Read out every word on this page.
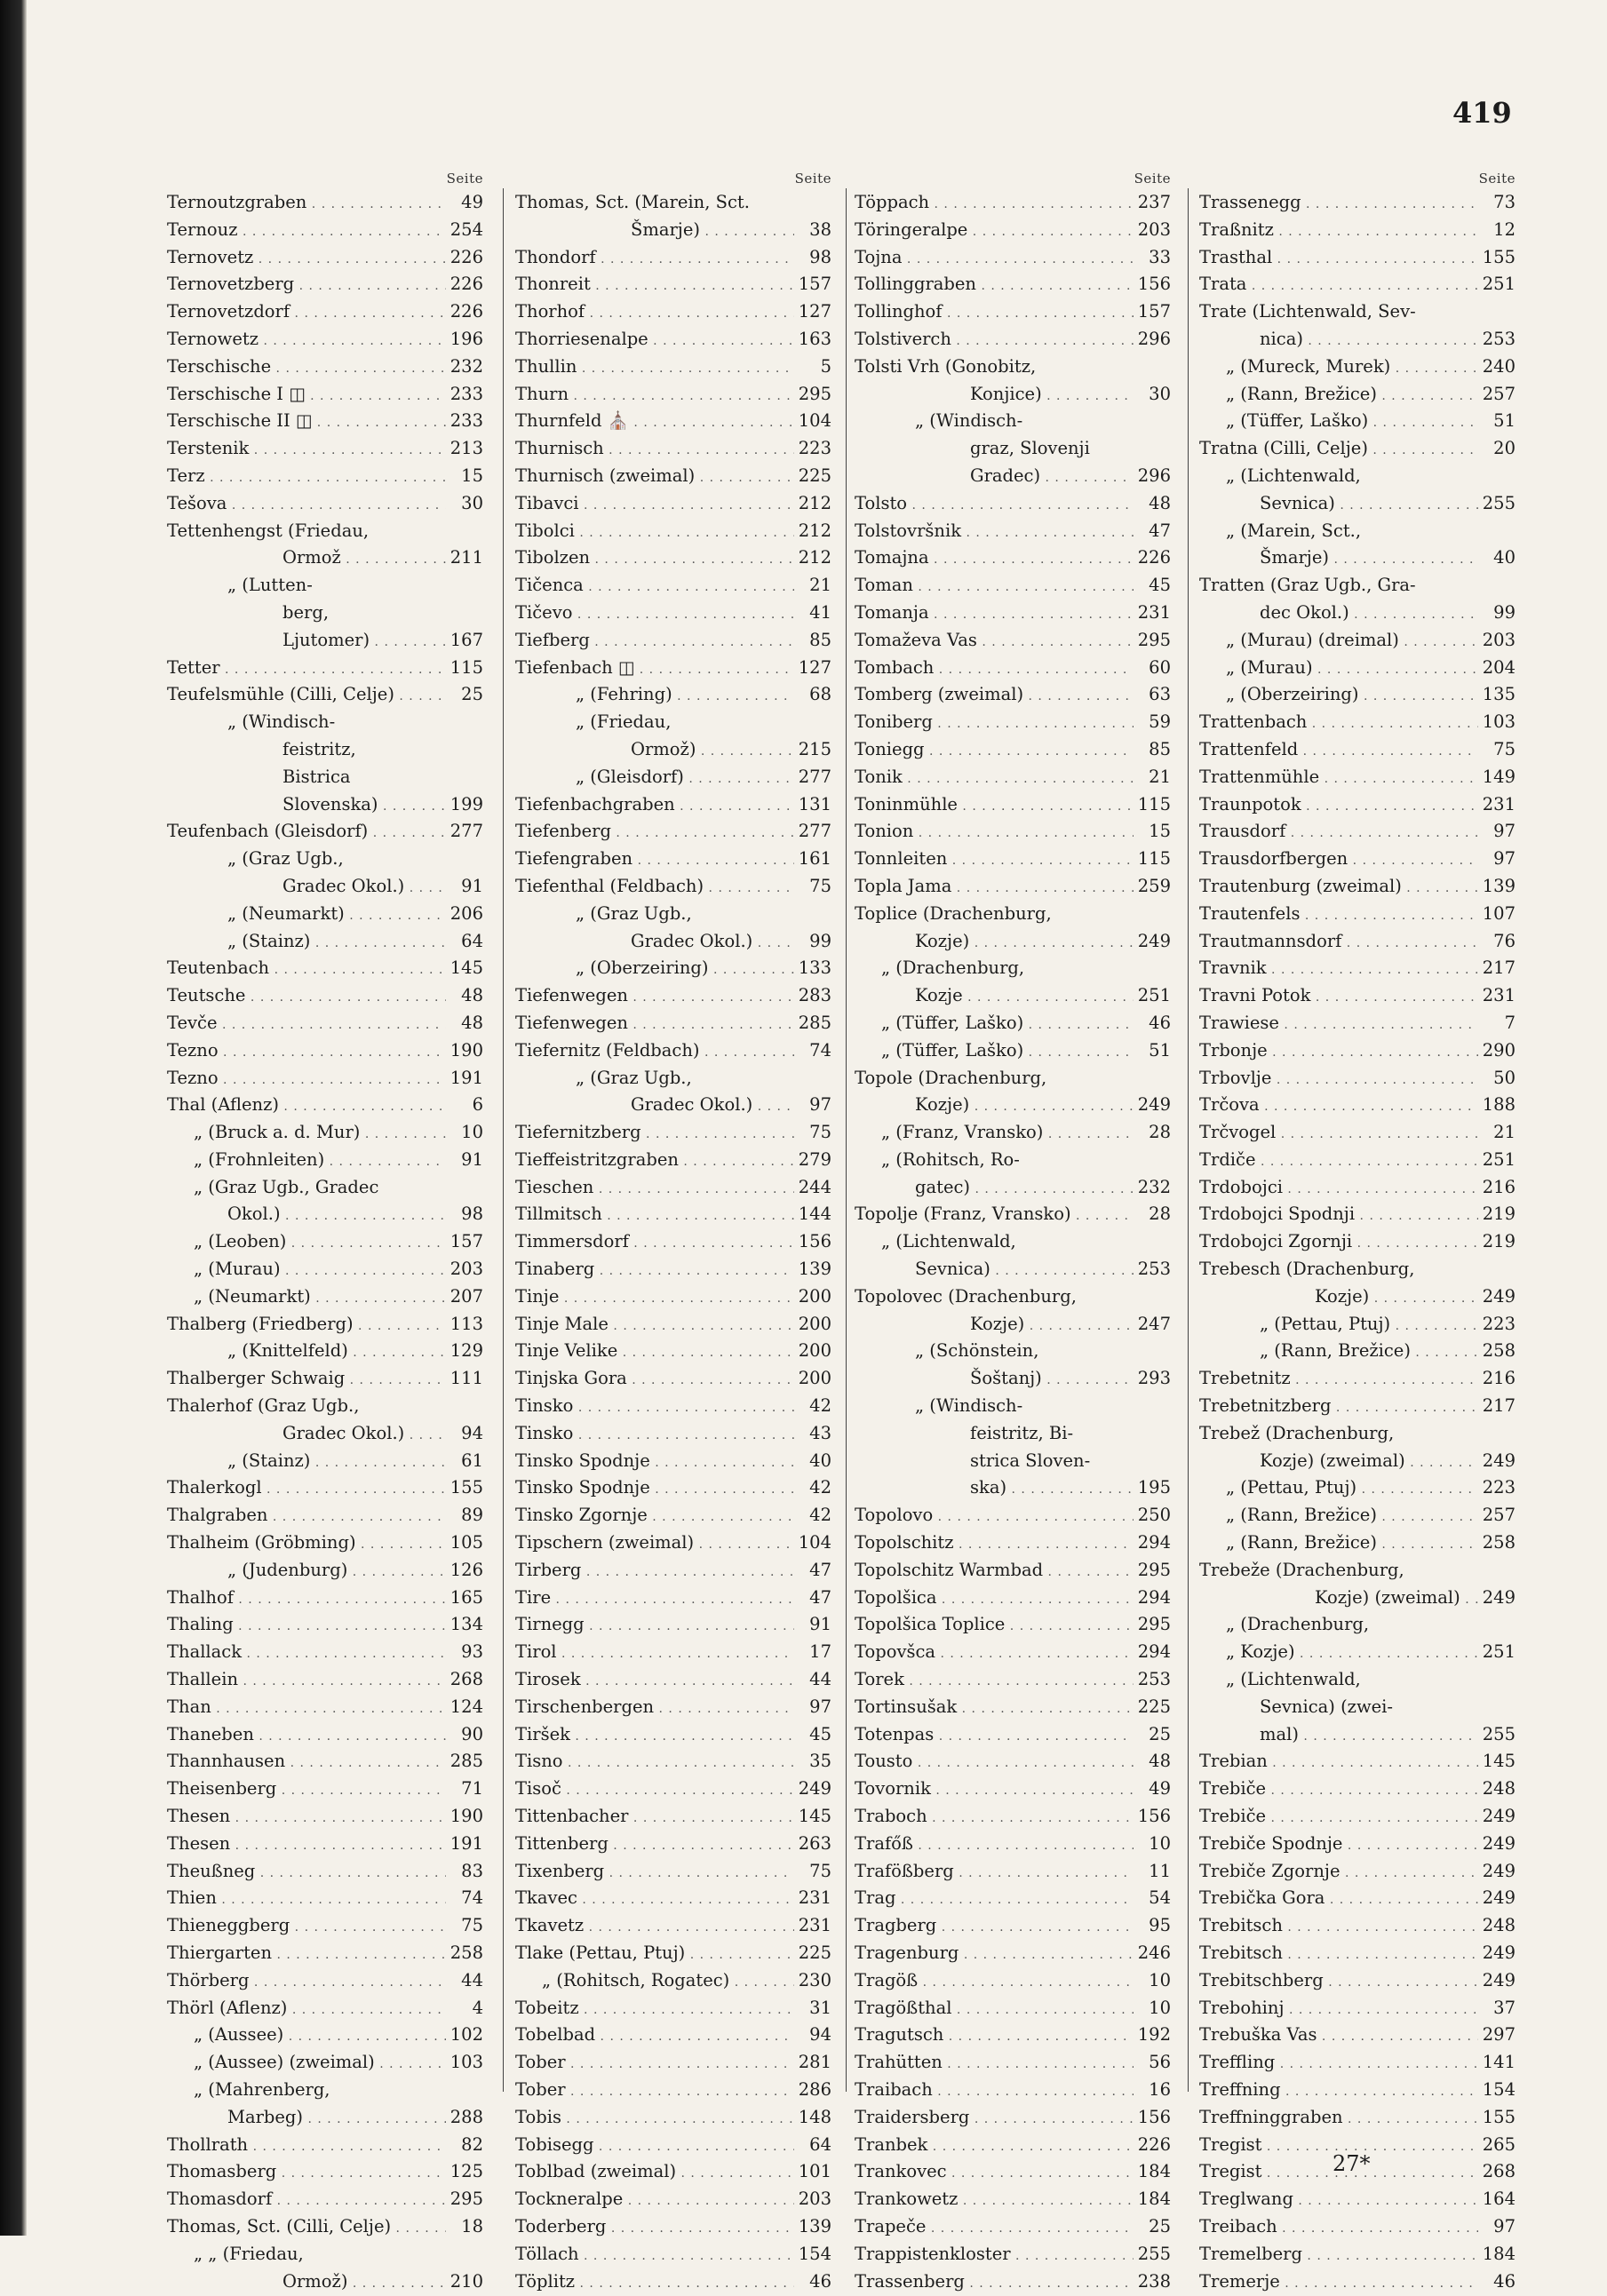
419
Seite
Ternoutzgraben . . .	49
Ternouz . . .	254
Ternovetz . . .	226
Ternovetzberg . . .	226
Ternovetzdorf . . .	226
Ternowetz . . .	196
Terschische . . .	232
Terschische I ◫ . . .	233
Terschische II ◫ . . .	233
Terstenik . . .	213
Terz . . .	15
Tešova . . .	30
Tettenhengst (Friedau,
Ormož . . .	211
„ (Lutten-
berg,
Ljutomer) . . .	167
Tetter . . .	115
Teufelsmühle (Cilli, Celje) . . .	25
„ (Windisch-
feistritz,
Bistrica
Slovenska) . . .	199
Teufenbach (Gleisdorf) . . .	277
„ (Graz Ugb.,
Gradec Okol.) . . .	91
„ (Neumarkt) . . .	206
„ (Stainz) . . .	64
Teutenbach . . .	145
Teutsche . . .	48
Tevče . . .	48
Tezno . . .	190
Tezno . . .	191
Thal (Aflenz) . . .	6
„ (Bruck a. d. Mur) . . .	10
„ (Frohnleiten) . . .	91
„ (Graz Ugb., Gradec
Okol.) . . .	98
„ (Leoben) . . .	157
„ (Murau) . . .	203
„ (Neumarkt) . . .	207
Thalberg (Friedberg) . . .	113
„ (Knittelfeld) . . .	129
Thalberger Schwaig . . .	111
Thalerhof (Graz Ugb.,
Gradec Okol.) . . .	94
„ (Stainz) . . .	61
Thalerkogl . . .	155
Thalgraben . . .	89
Thalheim (Gröbming) . . .	105
„ (Judenburg) . . .	126
Thalhof . . .	165
Thaling . . .	134
Thallack . . .	93
Thallein . . .	268
Than . . .	124
Thaneben . . .	90
Thannhausen . . .	285
Theisenberg . . .	71
Thesen . . .	190
Thesen . . .	191
Theußneg . . .	83
Thien . . .	74
Thieneggberg . . .	75
Thiergarten . . .	258
Thörberg . . .	44
Thörl (Aflenz) . . .	4
„ (Aussee) . . .	102
„ (Aussee) (zweimal) . . .	103
„ (Mahrenberg,
Marbeg) . . .	288
Thollrath . . .	82
Thomasberg . . .	125
Thomasdorf . . .	295
Thomas, Sct. (Cilli, Celje) . . .	18
„ „ (Friedau,
Ormož) . . .	210
Seite
Thomas, Sct. (Marein, Sct.
Šmarje) . . .	38
Thondorf . . .	98
Thonreit . . .	157
Thorhof . . .	127
Thorriesenalpe . . .	163
Thullin . . .	5
Thurn . . .	295
Thurnfeld ⛪ . . .	104
Thurnisch . . .	223
Thurnisch (zweimal) . . .	225
Tibavci . . .	212
Tibolci . . .	212
Tibolzen . . .	212
Tičenca . . .	21
Tičevo . . .	41
Tiefberg . . .	85
Tiefenbach ◫ . . .	127
„ (Fehring) . . .	68
„ (Friedau,
Ormož) . . .	215
„ (Gleisdorf) . . .	277
Tiefenbachgraben . . .	131
Tiefenberg . . .	277
Tiefengraben . . .	161
Tiefenthal (Feldbach) . . .	75
„ (Graz Ugb.,
Gradec Okol.) . . .	99
„ (Oberzeiring) . . .	133
Tiefenwegen . . .	283
Tiefenwegen . . .	285
Tiefernitz (Feldbach) . . .	74
„ (Graz Ugb.,
Gradec Okol.) . . .	97
Tiefernitzberg . . .	75
Tieffeistritzgraben . . .	279
Tieschen . . .	244
Tillmitsch . . .	144
Timmersdorf . . .	156
Tinaberg . . .	139
Tinje . . .	200
Tinje Male . . .	200
Tinje Velike . . .	200
Tinjska Gora . . .	200
Tinsko . . .	42
Tinsko . . .	43
Tinsko Spodnje . . .	40
Tinsko Spodnje . . .	42
Tinsko Zgornje . . .	42
Tipschern (zweimal) . . .	104
Tirberg . . .	47
Tire . . .	47
Tirnegg . . .	91
Tirol . . .	17
Tirosek . . .	44
Tirschenbergen . . .	97
Tiršek . . .	45
Tisno . . .	35
Tisoč . . .	249
Tittenbacher . . .	145
Tittenberg . . .	263
Tixenberg . . .	75
Tkavec . . .	231
Tkavetz . . .	231
Tlake (Pettau, Ptuj) . . .	225
„ (Rohitsch, Rogatec) . . .	230
Tobeitz . . .	31
Tobelbad . . .	94
Tober . . .	281
Tober . . .	286
Tobis . . .	148
Tobisegg . . .	64
Toblbad (zweimal) . . .	101
Tockneralpe . . .	203
Toderberg . . .	139
Töllach . . .	154
Töplitz . . .	46
Seite
Töppach . . .	237
Töringeralpe . . .	203
Tojna . . .	33
Tollinggraben . . .	156
Tollinghof . . .	157
Tolstiverch . . .	296
Tolsti Vrh (Gonobitz,
Konjice) . . .	30
„ (Windisch-
graz, Slovenji
Gradec) . . .	296
Tolsto . . .	48
Tolstovršnik . . .	47
Tomajna . . .	226
Toman . . .	45
Tomanja . . .	231
Tomaževa Vas . . .	295
Tombach . . .	60
Tomberg (zweimal) . . .	63
Toniberg . . .	59
Toniegg . . .	85
Tonik . . .	21
Toninmühle . . .	115
Tonion . . .	15
Tonnleiten . . .	115
Topla Jama . . .	259
Toplice (Drachenburg,
Kozje) . . .	249
„ (Drachenburg,
Kozje . . .	251
„ (Tüffer, Laško) . . .	46
„ (Tüffer, Laško) . . .	51
Topole (Drachenburg,
Kozje) . . .	249
„ (Franz, Vransko) . . .	28
„ (Rohitsch, Ro-
gatec) . . .	232
Topolje (Franz, Vransko) . . .	28
„ (Lichtenwald,
Sevnica) . . .	253
Topolovec (Drachenburg,
Kozje) . . .	247
„ (Schönstein,
Šoštanj) . . .	293
„ (Windisch-
feistritz, Bi-
strica Sloven-
ska) . . .	195
Topolovo . . .	250
Topolschitz . . .	294
Topolschitz Warmbad . . .	295
Topolšica . . .	294
Topolšica Toplice . . .	295
Topovšca . . .	294
Torek . . .	253
Tortinsušak . . .	225
Totenpas . . .	25
Tousto . . .	48
Tovornik . . .	49
Traboch . . .	156
Trafőß . . .	10
Trafößberg . . .	11
Trag . . .	54
Tragberg . . .	95
Tragenburg . . .	246
Tragöß . . .	10
Tragößthal . . .	10
Tragutsch . . .	192
Trahütten . . .	56
Traibach . . .	16
Traidersberg . . .	156
Tranbek . . .	226
Trankovec . . .	184
Trankowetz . . .	184
Trapeče . . .	25
Trappistenkloster . . .	255
Trassenberg . . .	238
Seite
Trassenegg . . .	73
Traßnitz . . .	12
Trasthal . . .	155
Trata . . .	251
Trate (Lichtenwald, Sev-
nica) . . .	253
„ (Mureck, Murek) . . .	240
„ (Rann, Brežice) . . .	257
„ (Tüffer, Laško) . . .	51
Tratna (Cilli, Celje) . . .	20
„ (Lichtenwald,
Sevnica) . . .	255
„ (Marein, Sct.,
Šmarje) . . .	40
Tratten (Graz Ugb., Gra-
dec Okol.) . . .	99
„ (Murau) (dreimal) . . .	203
„ (Murau) . . .	204
„ (Oberzeiring) . . .	135
Trattenbach . . .	103
Trattenfeld . . .	75
Trattenmühle . . .	149
Traunpotok . . .	231
Trausdorf . . .	97
Trausdorfbergen . . .	97
Trautenburg (zweimal) . . .	139
Trautenfels . . .	107
Trautmannsdorf . . .	76
Travnik . . .	217
Travni Potok . . .	231
Trawiese . . .	7
Trbonje . . .	290
Trbovlje . . .	50
Trčova . . .	188
Trčvogel . . .	21
Trdiče . . .	251
Trdobojci . . .	216
Trdobojci Spodnji . . .	219
Trdobojci Zgornji . . .	219
Trebesch (Drachenburg,
Kozje) . . .	249
„ (Pettau, Ptuj) . . .	223
„ (Rann, Brežice) . . .	258
Trebetnitz . . .	216
Trebetnitzberg . . .	217
Trebež (Drachenburg,
Kozje) (zweimal) . . .	249
„ (Pettau, Ptuj) . . .	223
„ (Rann, Brežice) . . .	257
„ (Rann, Brežice) . . .	258
Trebeže (Drachenburg,
Kozje) (zweimal) . . .	249
„ (Drachenburg,
„ Kozje) . . .	251
„ (Lichtenwald,
Sevnica) (zwei-
mal) . . .	255
Trebian . . .	145
Trebiče . . .	248
Trebiče . . .	249
Trebiče Spodnje . . .	249
Trebiče Zgornje . . .	249
Trebička Gora . . .	249
Trebitsch . . .	248
Trebitsch . . .	249
Trebitschberg . . .	249
Trebohinj . . .	37
Trebuška Vas . . .	297
Treffling . . .	141
Treffning . . .	154
Treffninggraben . . .	155
Tregist . . .	265
Tregist . . .	268
Treglwang . . .	164
Treibach . . .	97
Tremelberg . . .	184
Tremerje . . .	46
27*
